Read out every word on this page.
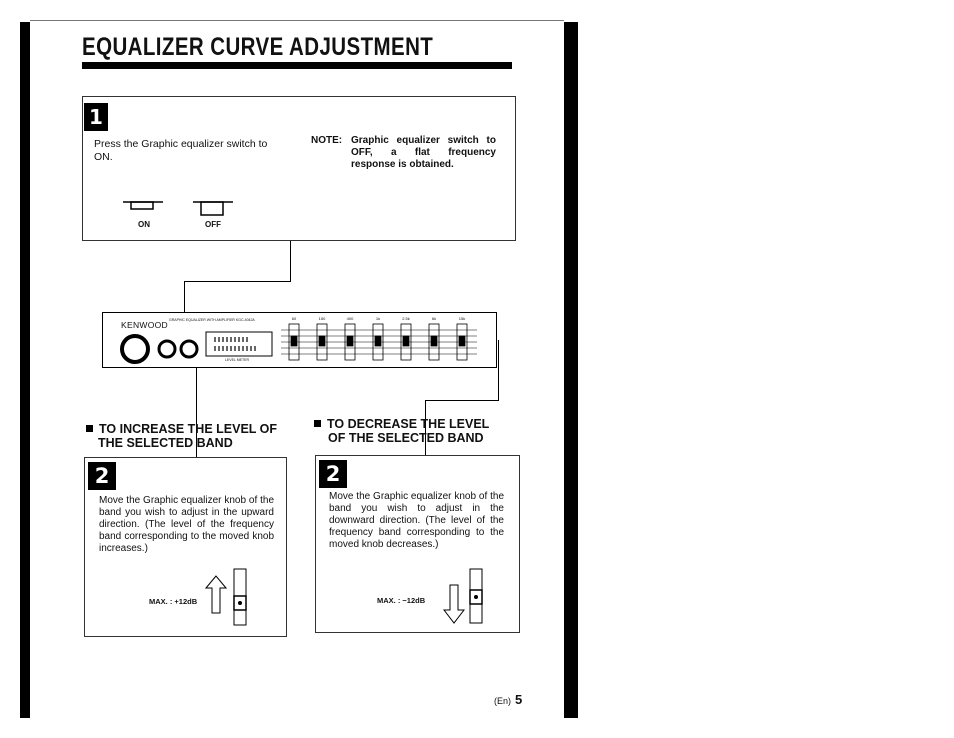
EQUALIZER CURVE ADJUSTMENT
1
Press the Graphic equalizer switch to ON.
NOTE: Graphic equalizer switch to OFF, a flat frequency response is obtained.
ON	OFF
KENWOOD GRAPHIC EQUALIZER WITH AMPLIFIER KGC-4042A
LEVEL METER
60	150	400	1k	2.5k	6k	15k
TO INCREASE THE LEVEL OF
THE SELECTED BAND
2
Move the Graphic equalizer knob of the band you wish to adjust in the upward direction. (The level of the frequency band corresponding to the moved knob increases.)
MAX. : +12dB
TO DECREASE THE LEVEL
OF THE SELECTED BAND
2
Move the Graphic equalizer knob of the band you wish to adjust in the downward direction. (The level of the frequency band corresponding to the moved knob decreases.)
MAX. : −12dB
(En) 5
